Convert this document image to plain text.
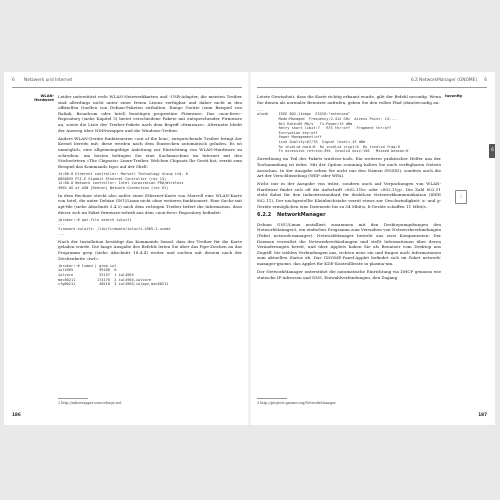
6 Netzwerk und Internet
WLAN-
Hardware

Leider unterstützt viele WLAN-Netzwerkkarten und -USB-Adapter, die meisten Treiber sind allerdings nicht unter einer freien Lizenz verfügbar und daher nicht in den offiziellen Quellen von Debian-Paketen enthalten. Einige Geräte (zum Beispiel von Ralink, Broadcom oder Intel) benötigen proprietäre Firmware. Das »non-free«-Repository (siehe Kapitel 5) bietet verschiedene Pakete mit entsprechender Firmware an, sowie die Liste der Treiber-Pakete nach dem Begriff »firmware«. Alternativ bleibt der Ausweg über NDISwrapper und die Windows-Treiber.

Anders WLAN-Geräte funktionieren »out of the box«, entsprechende Treiber bringt der Kernel bereits mit; diese werden nach dem Einstecken automatisch geladen. Es ist unmöglich, eine allgemeingültige Anleitung zur Einrichtung von WLAN-Hardware zu schreiben, am besten befragen Sie eine Suchmaschine im Internet mit den Stichwörtern »The Chipsatz« Linux-Treiber. Welchen Chipsatz Ihr Gerät hat, verrät zum Beispiel das Kommando lspci auf der Shell:

14:00.0 Ethernet controller: Marvell Technology Group Ltd. 8
88E8055 PCI-E Gigabit Ethernet Controller (rev 14)
14:00.0 Network controller: Intel Corporation PRO/Wireless
4965 AG or AGN [Kedron] Network Connection (rev 61)

In dem Rechner steckt also außer einer Ethernet-Karte von Marvell eine WLAN-Karte von Intel, die unter Debian GNU/Linux nicht ohne weiteres funktioniert. Eine Suche mit apt-file (siehe Abschnitt 5.4.2) nach dem richtigen Treiber liefert die Information, dass dieser sich im Paket firmware-iwlwifi aus dem »non-free«-Repository befindet:

jbroker:~# apt-file search iwlwifi
...
firmware-iwlwifi: /lib/firmware/iwlwifi-4965-2.ucode
...

Nach der Installation bestätigt das Kommando lsmod, dass der Treiber für die Karte geladen wurde. Die lange Ausgabe des Befehls leiten Sie über das Pipe-Zeichen an das Programm grep (siehe Abschnitt 18.4.4) weiter und suchen mit diesem nach der Zeichenkette »iwl«:

jbroker:~# lsmod | grep iwl
iwl4965            99160  0
iwlcore            53157  1 iwl4965
mac80211          174170  2 iwl4965,iwlcore
cfg80211           40518  3 iwl4965,iwlagn,mac80211
2 http://ndiswrapper.sourceforge.net
186
6.2 NetworkManager (GNOME) 6

Letzte Gewissheit, dass die Karte richtig erkannt wurde, gibt der Befehl iwconfig. Wenn Sie diesen als normaler Benutzer aufrufen, geben Sie den vollen Pfad /sbin/iwconfig an:

...
wlan0     IEEE 802.11abgn  ESSID:"extenzed"
Mode:Managed  Frequency:2.412 GHz  Access Point: 24:...
Bit Rate=65 Mb/s   Tx-Power=15 dBm
Retry short limit:7   RTS thr:off   Fragment thr:off
Encryption key:off
Power Management:off
Link Quality=67/70  Signal level=-43 dBm
Rx invalid nwid:0  Rx invalid crypt:0  Rx invalid frag:0
Tx excessive retries:394  Invalid misc:156   Missed beacon:0

Zuverlässig im Teil des Pakets wireless-tools. Ein weiterer praktischer Helfer aus der Toolsammlung ist iwlist. Mit der Option scanning halten Sie nach verfügbaren Netzen Ausschau. In der Ausgabe sehen Sie nicht nur den Namen (ESSID), sondern auch die Art der Verschlüsselung (WEP oder WPA).

Nicht nur in der Ausgabe von iwlist, sondern auch auf Verpackungen von WLAN-Hardware findet sich oft die Aufschrift »802.11b« oder »802.11g«. Die Zahl 802.11 steht dabei für den Industriestandard für drahtlose Netzwerkkommunikation (IEEE 802.11). Der nachgestellte Kleinbuchstabe verrät etwas zur Geschwindigkeit: a- und g-Geräte ermöglichen eine Datenrate bis zu 54 Mbit/s, b-Geräte schaffen 11 Mbit/s.

6.2.2 NetworkManager

Debian GNU/Linux installiert zusammen mit den Desktopumgebungen den NetworkManager3, ein einfaches Programm zum Verwalten von Netzwerkverbindungen (Paket network-manager). NetworkManager besteht aus zwei Komponenten: Der Daemon verwaltet die Netzwerkverbindungen und stellt Informationen über deren Veränderungen bereit, und über Applets haben Sie als Benutzer vom Desktop aus Zugriff. Sie wählen Verbindungen aus, richten neue ein und fragen auch Informationen zum aktuellen Status ab. Das GNOME-Panel-Applet befindet sich im Paket network-manager-gnome, das Applet für KDE-Kontrollleiste in plasma-nm.

Der NetworkManager unterstützt die automatische Einrichtung via DHCP genauso wie statische IP-Adressen und DNS. Einwahlverbindungen, den Zugang

iwconfig
i
6
3 http://projects.gnome.org/NetworkManager
187
